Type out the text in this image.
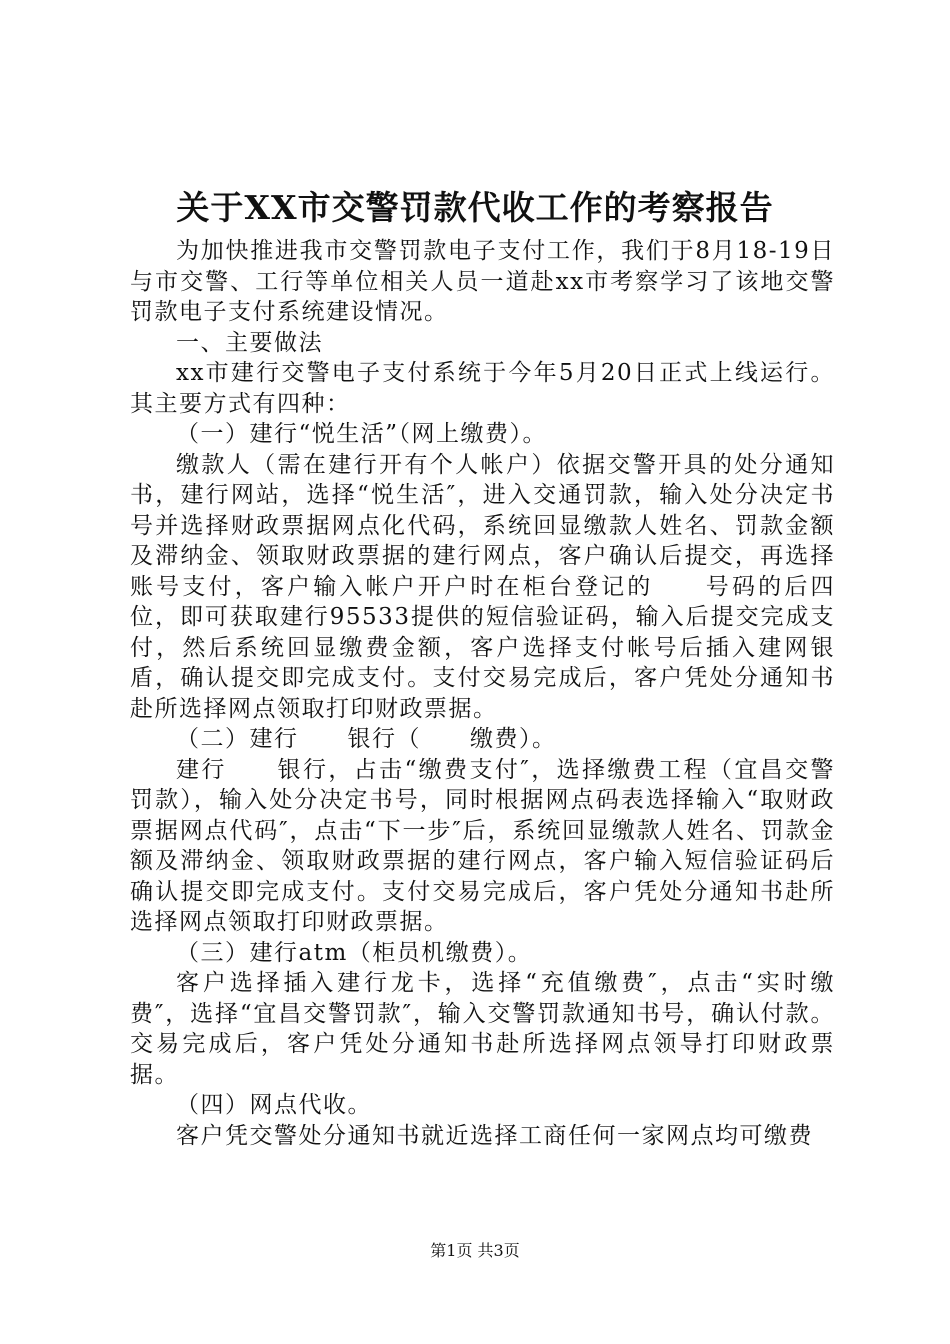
关于XX市交警罚款代收工作的考察报告

为加快推进我市交警罚款电子支付工作，我们于8月18-19日与市交警、工行等单位相关人员一道赴xx市考察学习了该地交警罚款电子支付系统建设情况。

一、主要做法

xx市建行交警电子支付系统于今年5月20日正式上线运行。其主要方式有四种：

（一）建行“悦生活”（网上缴费）。

缴款人（需在建行开有个人帐户）依据交警开具的处分通知书，建行网站，选择“悦生活″，进入交通罚款，输入处分决定书号并选择财政票据网点化代码，系统回显缴款人姓名、罚款金额及滞纳金、领取财政票据的建行网点，客户确认后提交，再选择账号支付，客户输入帐户开户时在柜台登记的　　号码的后四位，即可获取建行95533提供的短信验证码，输入后提交完成支付，然后系统回显缴费金额，客户选择支付帐号后插入建网银盾，确认提交即完成支付。支付交易完成后，客户凭处分通知书赴所选择网点领取打印财政票据。

（二）建行　　银行（　　缴费）。

建行　　银行，占击“缴费支付″，选择缴费工程（宜昌交警罚款），输入处分决定书号，同时根据网点码表选择输入“取财政票据网点代码″，点击“下一步″后，系统回显缴款人姓名、罚款金额及滞纳金、领取财政票据的建行网点，客户输入短信验证码后确认提交即完成支付。支付交易完成后，客户凭处分通知书赴所选择网点领取打印财政票据。

（三）建行atm（柜员机缴费）。

客户选择插入建行龙卡，选择“充值缴费″，点击“实时缴费″，选择“宜昌交警罚款″，输入交警罚款通知书号，确认付款。交易完成后，客户凭处分通知书赴所选择网点领导打印财政票据。

（四）网点代收。

客户凭交警处分通知书就近选择工商任何一家网点均可缴费

第1页 共3页
